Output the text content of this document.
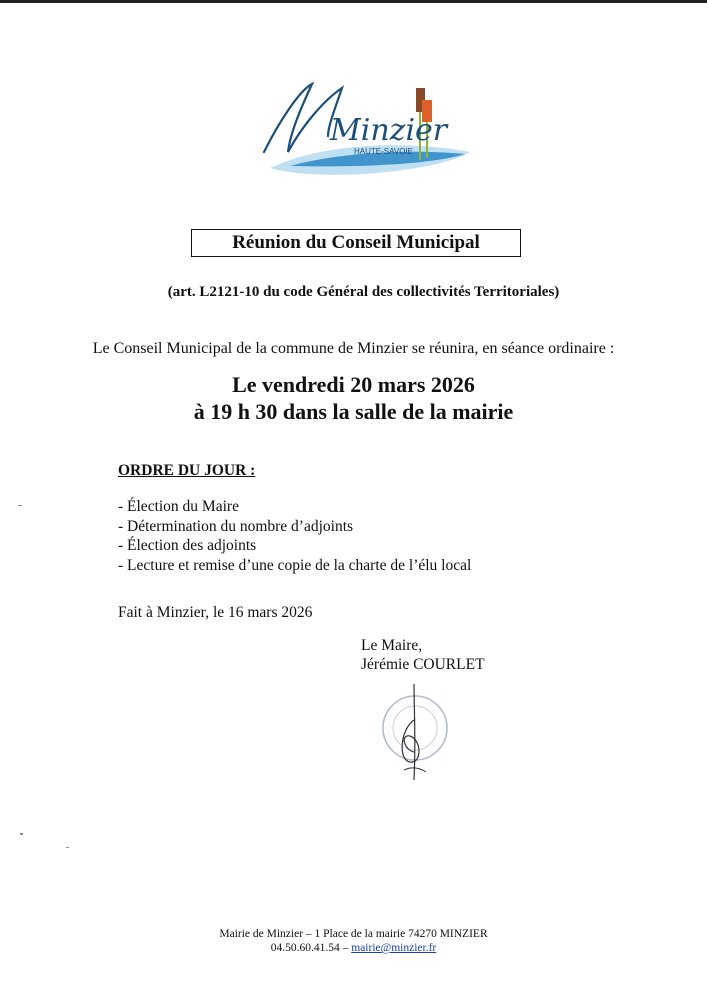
Minzier
HAUTE-SAVOIE
Réunion du Conseil Municipal
(art. L2121-10 du code Général des collectivités Territoriales)
Le Conseil Municipal de la commune de Minzier se réunira, en séance ordinaire :
Le vendredi 20 mars 2026
à 19 h 30 dans la salle de la mairie
ORDRE DU JOUR :
- Élection du Maire
- Détermination du nombre d’adjoints
- Élection des adjoints
- Lecture et remise d’une copie de la charte de l’élu local
Fait à Minzier, le 16 mars 2026
Le Maire,
Jérémie COURLET
Mairie de Minzier – 1 Place de la mairie 74270 MINZIER
04.50.60.41.54 – mairie@minzier.fr
